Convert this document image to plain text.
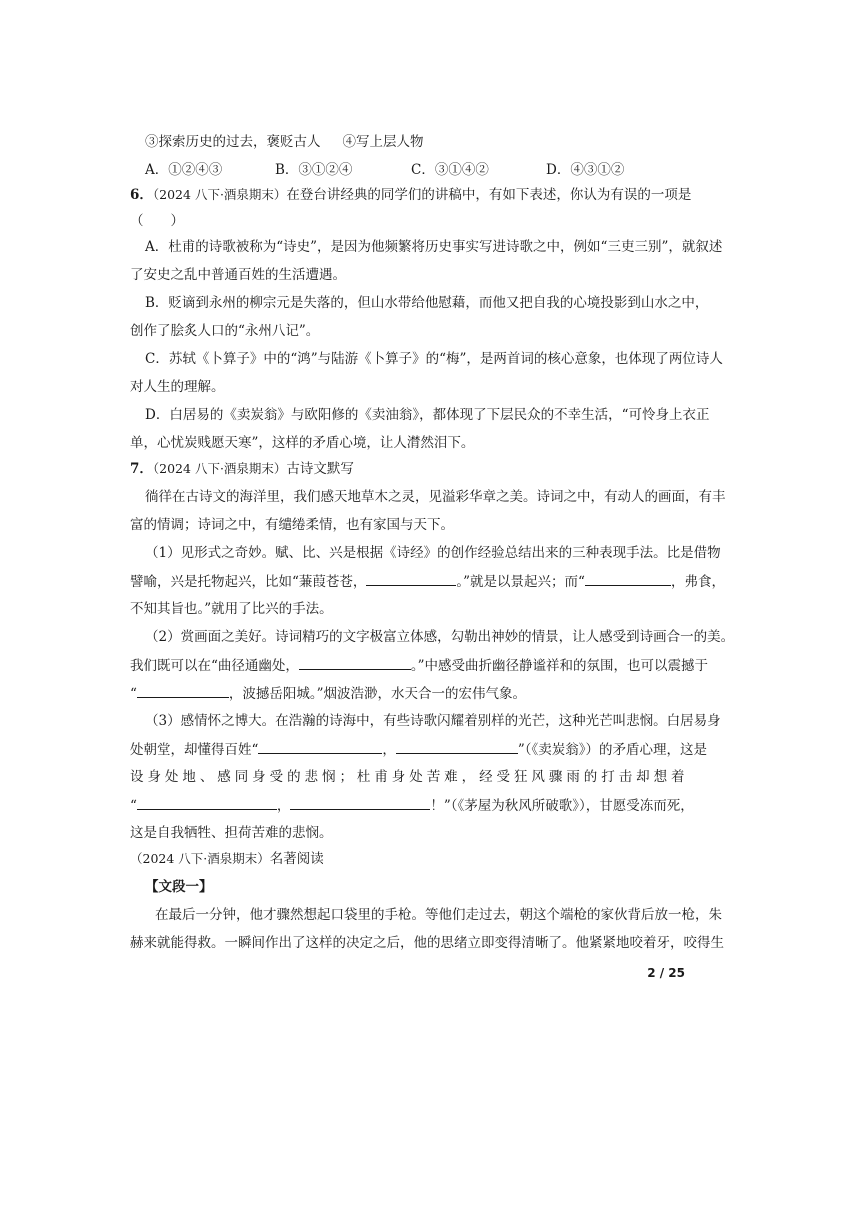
③探索历史的过去，褒贬古人 ④写上层人物
A．①②④③	B．③①②④	C．③①④②	D．④③①②
6．（2024 八下·酒泉期末）在登台讲经典的同学们的讲稿中，有如下表述，你认为有误的一项是
（　　）
A．杜甫的诗歌被称为“诗史”，是因为他频繁将历史事实写进诗歌之中，例如“三吏三别”，就叙述
了安史之乱中普通百姓的生活遭遇。
B．贬谪到永州的柳宗元是失落的，但山水带给他慰藉，而他又把自我的心境投影到山水之中，
创作了脍炙人口的“永州八记”。
C．苏轼《卜算子》中的“鸿”与陆游《卜算子》的“梅”，是两首词的核心意象，也体现了两位诗人
对人生的理解。
D．白居易的《卖炭翁》与欧阳修的《卖油翁》，都体现了下层民众的不幸生活，“可怜身上衣正
单，心忧炭贱愿天寒”，这样的矛盾心境，让人潸然泪下。
7．（2024 八下·酒泉期末）古诗文默写
徜徉在古诗文的海洋里，我们感天地草木之灵，见溢彩华章之美。诗词之中，有动人的画面，有丰
富的情调；诗词之中，有缱绻柔情，也有家国与天下。
（1）见形式之奇妙。赋、比、兴是根据《诗经》的创作经验总结出来的三种表现手法。比是借物
譬喻，兴是托物起兴，比如“蒹葭苍苍，	。”就是以景起兴；而“	，弗食，
不知其旨也。”就用了比兴的手法。
（2）赏画面之美好。诗词精巧的文字极富立体感，勾勒出神妙的情景，让人感受到诗画合一的美。
我们既可以在“曲径通幽处，	。”中感受曲折幽径静谧祥和的氛围，也可以震撼于
“	，波撼岳阳城。”烟波浩渺，水天合一的宏伟气象。
（3）感情怀之博大。在浩瀚的诗海中，有些诗歌闪耀着别样的光芒，这种光芒叫悲悯。白居易身
处朝堂，却懂得百姓“	，	”（《卖炭翁》）的矛盾心理，这是
设 身 处 地 、 感 同 身 受 的 悲 悯 ； 杜 甫 身 处 苦 难 ， 经 受 狂 风 骤 雨 的 打 击 却 想 着
“	，	！”（《茅屋为秋风所破歌》），甘愿受冻而死，
这是自我牺牲、担荷苦难的悲悯。
（2024 八下·酒泉期末）名著阅读
【文段一】
在最后一分钟，他才骤然想起口袋里的手枪。等他们走过去，朝这个端枪的家伙背后放一枪，朱
赫来就能得救。一瞬间作出了这样的决定之后，他的思绪立即变得清晰了。他紧紧地咬着牙，咬得生
2 / 25
